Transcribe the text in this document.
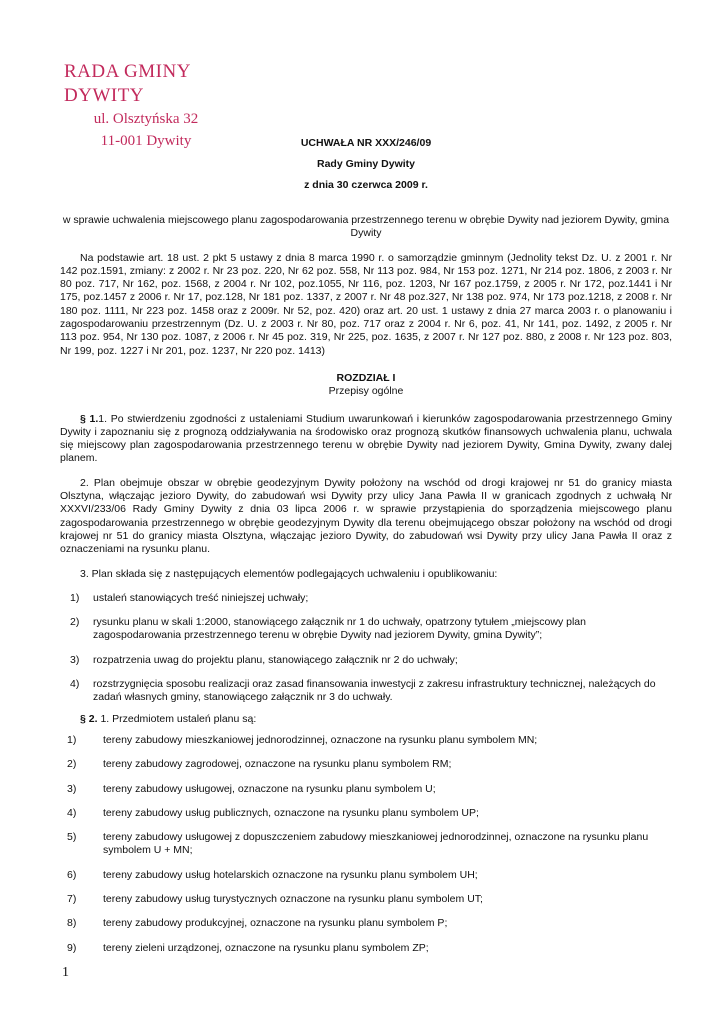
RADA GMINY DYWITY
ul. Olsztyńska 32
11-001 Dywity	UCHWAŁA NR XXX/246/09
Rady Gminy Dywity
z dnia 30 czerwca 2009 r.

w sprawie uchwalenia miejscowego planu zagospodarowania przestrzennego terenu w obrębie Dywity nad jeziorem Dywity, gmina Dywity

Na podstawie art. 18 ust. 2 pkt 5 ustawy z dnia 8 marca 1990 r. o samorządzie gminnym (Jednolity tekst Dz. U. z 2001 r. Nr 142 poz.1591, zmiany: z 2002 r. Nr 23 poz. 220, Nr 62 poz. 558, Nr 113 poz. 984, Nr 153 poz. 1271, Nr 214 poz. 1806, z 2003 r. Nr 80 poz. 717, Nr 162, poz. 1568, z 2004 r. Nr 102, poz.1055, Nr 116, poz. 1203, Nr 167 poz.1759, z 2005 r. Nr 172, poz.1441 i Nr 175, poz.1457 z 2006 r. Nr 17, poz.128, Nr 181 poz. 1337, z 2007 r. Nr 48 poz.327, Nr 138 poz. 974, Nr 173 poz.1218, z 2008 r. Nr 180 poz. 1111, Nr 223 poz. 1458 oraz z 2009r. Nr 52, poz. 420) oraz art. 20 ust. 1 ustawy z dnia 27 marca 2003 r. o planowaniu i zagospodarowaniu przestrzennym (Dz. U. z 2003 r. Nr 80, poz. 717 oraz z 2004 r. Nr 6, poz. 41, Nr 141, poz. 1492, z 2005 r. Nr 113 poz. 954, Nr 130 poz. 1087, z 2006 r. Nr 45 poz. 319, Nr 225, poz. 1635, z 2007 r. Nr 127 poz. 880, z 2008 r. Nr 123 poz. 803, Nr 199, poz. 1227 i Nr 201, poz. 1237, Nr 220 poz. 1413)

ROZDZIAŁ I
Przepisy ogólne

§ 1.1. Po stwierdzeniu zgodności z ustaleniami Studium uwarunkowań i kierunków zagospodarowania przestrzennego Gminy Dywity i zapoznaniu się z prognozą oddziaływania na środowisko oraz prognozą skutków finansowych uchwalenia planu, uchwala się miejscowy plan zagospodarowania przestrzennego terenu w obrębie Dywity nad jeziorem Dywity, Gmina Dywity, zwany dalej planem.

2. Plan obejmuje obszar w obrębie geodezyjnym Dywity położony na wschód od drogi krajowej nr 51 do granicy miasta Olsztyna, włączając jezioro Dywity, do zabudowań wsi Dywity przy ulicy Jana Pawła II w granicach zgodnych z uchwałą Nr XXXVI/233/06 Rady Gminy Dywity z dnia 03 lipca 2006 r. w sprawie przystąpienia do sporządzenia miejscowego planu zagospodarowania przestrzennego w obrębie geodezyjnym Dywity dla terenu obejmującego obszar położony na wschód od drogi krajowej nr 51 do granicy miasta Olsztyna, włączając jezioro Dywity, do zabudowań wsi Dywity przy ulicy Jana Pawła II oraz z oznaczeniami na rysunku planu.

3. Plan składa się z następujących elementów podlegających uchwaleniu i opublikowaniu:

1)	ustaleń stanowiących treść niniejszej uchwały;
2)	rysunku planu w skali 1:2000, stanowiącego załącznik nr 1 do uchwały, opatrzony tytułem „miejscowy plan zagospodarowania przestrzennego terenu w obrębie Dywity nad jeziorem Dywity, gmina Dywity”;
3)	rozpatrzenia uwag do projektu planu, stanowiącego załącznik nr 2 do uchwały;
4)	rozstrzygnięcia sposobu realizacji oraz zasad finansowania inwestycji z zakresu infrastruktury technicznej, należących do zadań własnych gminy, stanowiącego załącznik nr 3 do uchwały.

§ 2. 1. Przedmiotem ustaleń planu są:

1)	tereny zabudowy mieszkaniowej jednorodzinnej, oznaczone na rysunku planu symbolem MN;
2)	tereny zabudowy zagrodowej, oznaczone na rysunku planu symbolem RM;
3)	tereny zabudowy usługowej, oznaczone na rysunku planu symbolem U;
4)	tereny zabudowy usług publicznych, oznaczone na rysunku planu symbolem UP;
5)	tereny zabudowy usługowej z dopuszczeniem zabudowy mieszkaniowej jednorodzinnej, oznaczone na rysunku planu symbolem U + MN;
6)	tereny zabudowy usług hotelarskich oznaczone na rysunku planu symbolem UH;
7)	tereny zabudowy usług turystycznych oznaczone na rysunku planu symbolem UT;
8)	tereny zabudowy produkcyjnej, oznaczone na rysunku planu symbolem P;
9)	tereny zieleni urządzonej, oznaczone na rysunku planu symbolem ZP;
1
